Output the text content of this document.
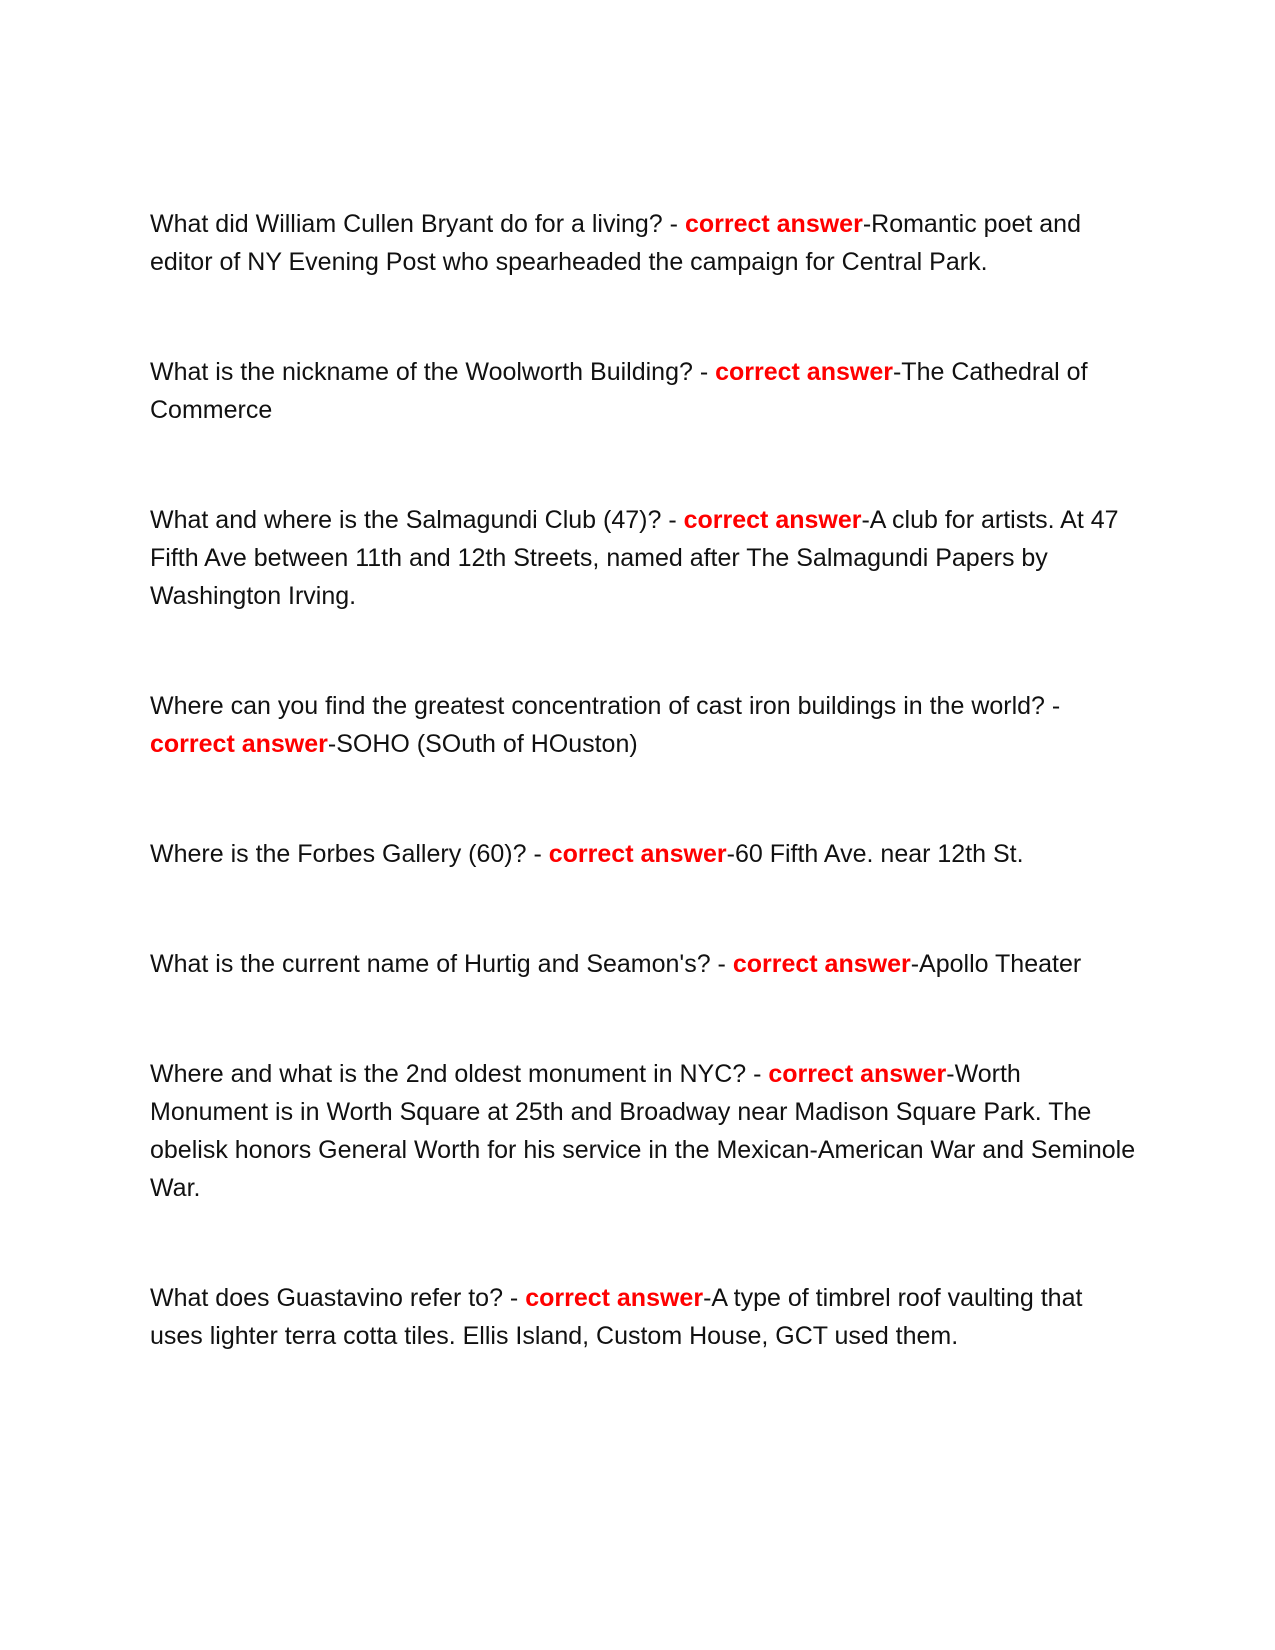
What did William Cullen Bryant do for a living? - correct answer-Romantic poet and editor of NY Evening Post who spearheaded the campaign for Central Park.

What is the nickname of the Woolworth Building? - correct answer-The Cathedral of Commerce

What and where is the Salmagundi Club (47)? - correct answer-A club for artists. At 47 Fifth Ave between 11th and 12th Streets, named after The Salmagundi Papers by Washington Irving.

Where can you find the greatest concentration of cast iron buildings in the world? - correct answer-SOHO (SOuth of HOuston)

Where is the Forbes Gallery (60)? - correct answer-60 Fifth Ave. near 12th St.

What is the current name of Hurtig and Seamon's? - correct answer-Apollo Theater

Where and what is the 2nd oldest monument in NYC? - correct answer-Worth Monument is in Worth Square at 25th and Broadway near Madison Square Park. The obelisk honors General Worth for his service in the Mexican-American War and Seminole War.

What does Guastavino refer to? - correct answer-A type of timbrel roof vaulting that uses lighter terra cotta tiles. Ellis Island, Custom House, GCT used them.
